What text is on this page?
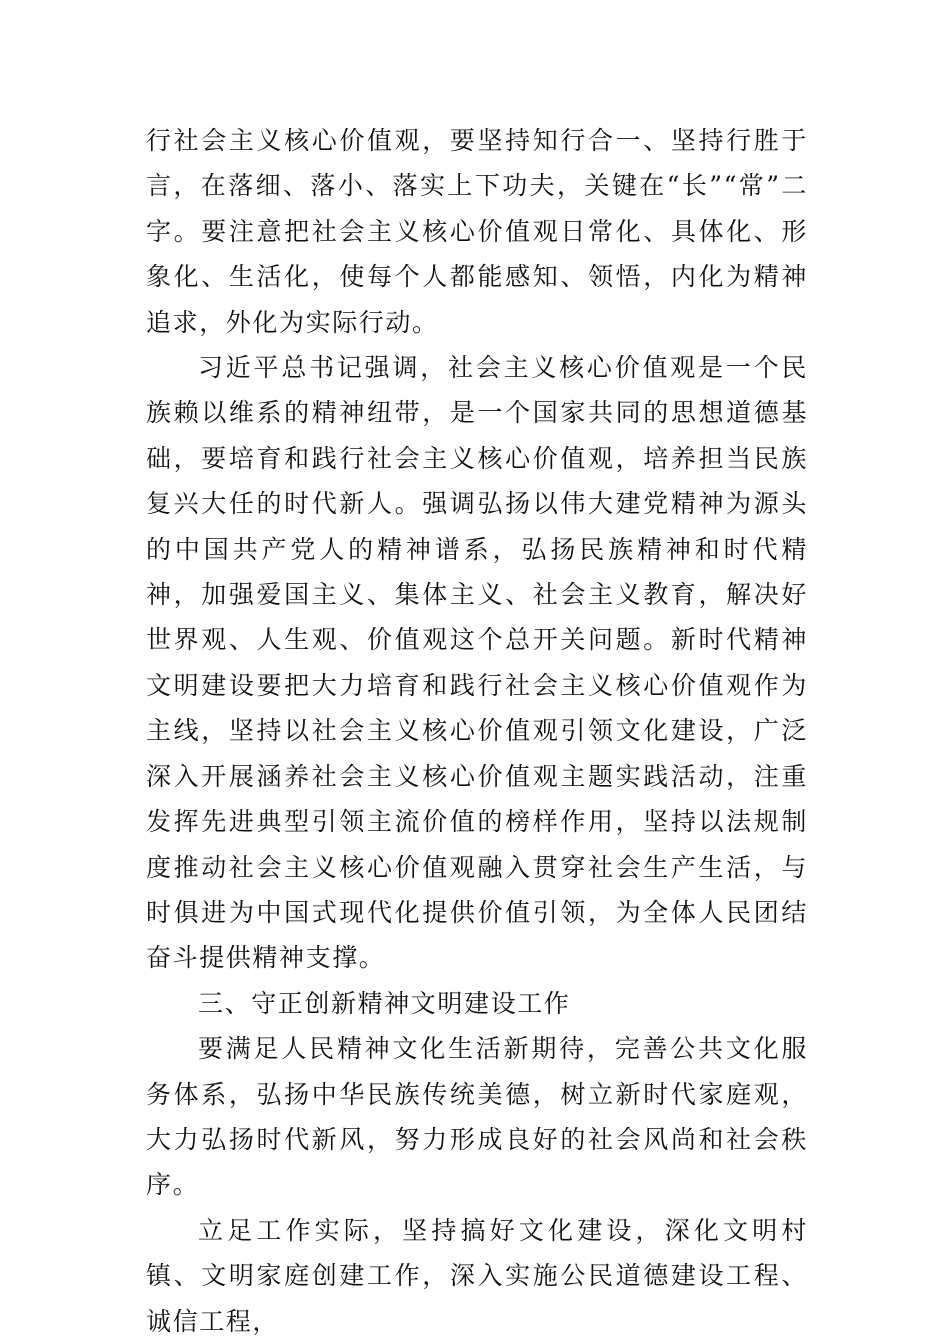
行社会主义核心价值观，要坚持知行合一、坚持行胜于言，在落细、落小、落实上下功夫，关键在“长”“常”二字。要注意把社会主义核心价值观日常化、具体化、形象化、生活化，使每个人都能感知、领悟，内化为精神追求，外化为实际行动。

习近平总书记强调，社会主义核心价值观是一个民族赖以维系的精神纽带，是一个国家共同的思想道德基础，要培育和践行社会主义核心价值观，培养担当民族复兴大任的时代新人。强调弘扬以伟大建党精神为源头的中国共产党人的精神谱系，弘扬民族精神和时代精神，加强爱国主义、集体主义、社会主义教育，解决好世界观、人生观、价值观这个总开关问题。新时代精神文明建设要把大力培育和践行社会主义核心价值观作为主线，坚持以社会主义核心价值观引领文化建设，广泛深入开展涵养社会主义核心价值观主题实践活动，注重发挥先进典型引领主流价值的榜样作用，坚持以法规制度推动社会主义核心价值观融入贯穿社会生产生活，与时俱进为中国式现代化提供价值引领，为全体人民团结奋斗提供精神支撑。

三、守正创新精神文明建设工作

要满足人民精神文化生活新期待，完善公共文化服务体系，弘扬中华民族传统美德，树立新时代家庭观，大力弘扬时代新风，努力形成良好的社会风尚和社会秩序。

立足工作实际，坚持搞好文化建设，深化文明村镇、文明家庭创建工作，深入实施公民道德建设工程、诚信工程，
